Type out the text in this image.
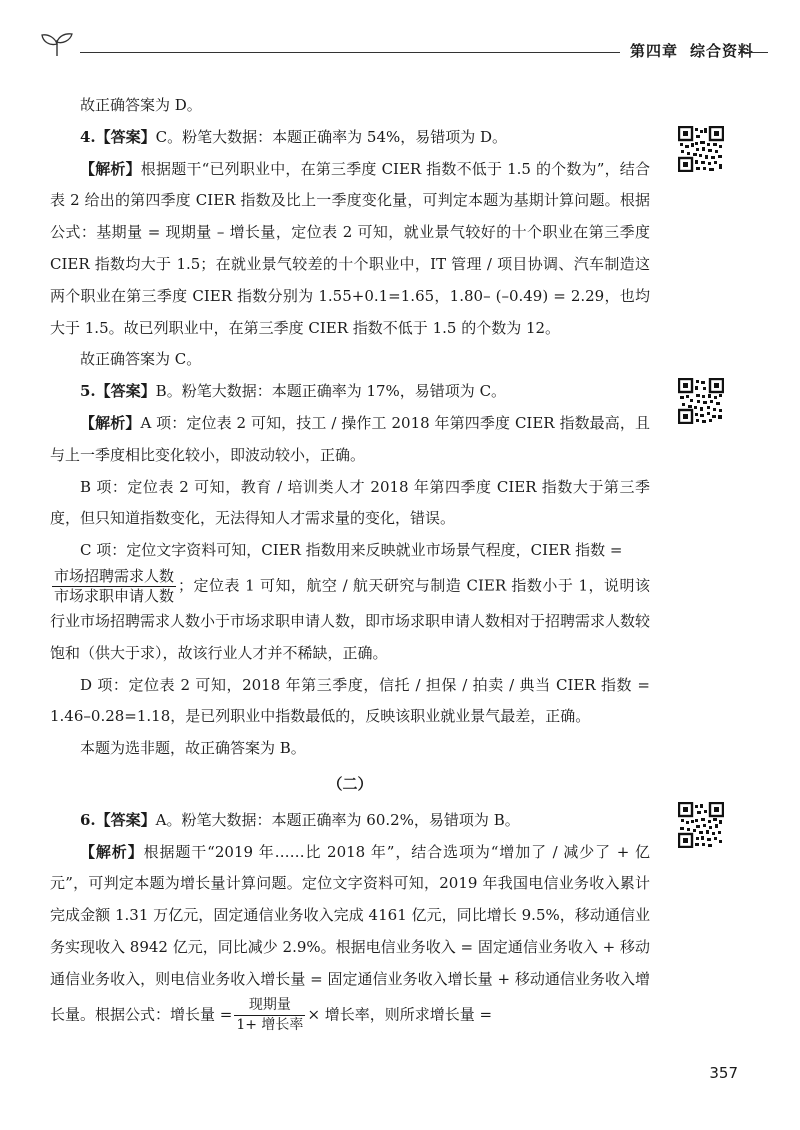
第四章 综合资料

故正确答案为 D。

4.【答案】C。粉笔大数据：本题正确率为 54%，易错项为 D。

【解析】根据题干“已列职业中，在第三季度 CIER 指数不低于 1.5 的个数为”，结合表 2 给出的第四季度 CIER 指数及比上一季度变化量，可判定本题为基期计算问题。根据公式：基期量 = 现期量 – 增长量，定位表 2 可知，就业景气较好的十个职业在第三季度 CIER 指数均大于 1.5；在就业景气较差的十个职业中，IT 管理 / 项目协调、汽车制造这两个职业在第三季度 CIER 指数分别为 1.55+0.1=1.65，1.80– (–0.49) = 2.29，也均大于 1.5。故已列职业中，在第三季度 CIER 指数不低于 1.5 的个数为 12。

故正确答案为 C。

5.【答案】B。粉笔大数据：本题正确率为 17%，易错项为 C。

【解析】A 项：定位表 2 可知，技工 / 操作工 2018 年第四季度 CIER 指数最高，且与上一季度相比变化较小，即波动较小，正确。

B 项：定位表 2 可知，教育 / 培训类人才 2018 年第四季度 CIER 指数大于第三季度，但只知道指数变化，无法得知人才需求量的变化，错误。

C 项：定位文字资料可知，CIER 指数用来反映就业市场景气程度，CIER 指数 =

$\frac{\text{市场招聘需求人数}}{\text{市场求职申请人数}}$ ；定位表 1 可知，航空 / 航天研究与制造 CIER 指数小于 1，说明该行业市场招聘需求人数小于市场求职申请人数，即市场求职申请人数相对于招聘需求人数较饱和（供大于求），故该行业人才并不稀缺，正确。

D 项：定位表 2 可知，2018 年第三季度，信托 / 担保 / 拍卖 / 典当 CIER 指数 = 1.46–0.28=1.18，是已列职业中指数最低的，反映该职业就业景气最差，正确。

本题为选非题，故正确答案为 B。

（二）

6.【答案】A。粉笔大数据：本题正确率为 60.2%，易错项为 B。

【解析】根据题干“2019 年……比 2018 年”，结合选项为“增加了 / 减少了 + 亿元”，可判定本题为增长量计算问题。定位文字资料可知，2019 年我国电信业务收入累计完成金额 1.31 万亿元，固定通信业务收入完成 4161 亿元，同比增长 9.5%，移动通信业务实现收入 8942 亿元，同比减少 2.9%。根据电信业务收入 = 固定通信业务收入 + 移动通信业务收入，则电信业务收入增长量 = 固定通信业务收入增长量 + 移动通信业务收入增长量。根据公式：增长量 = $\frac{\text{现期量}}{\text{1+ 增长率}}$ × 增长率，则所求增长量 =

357
